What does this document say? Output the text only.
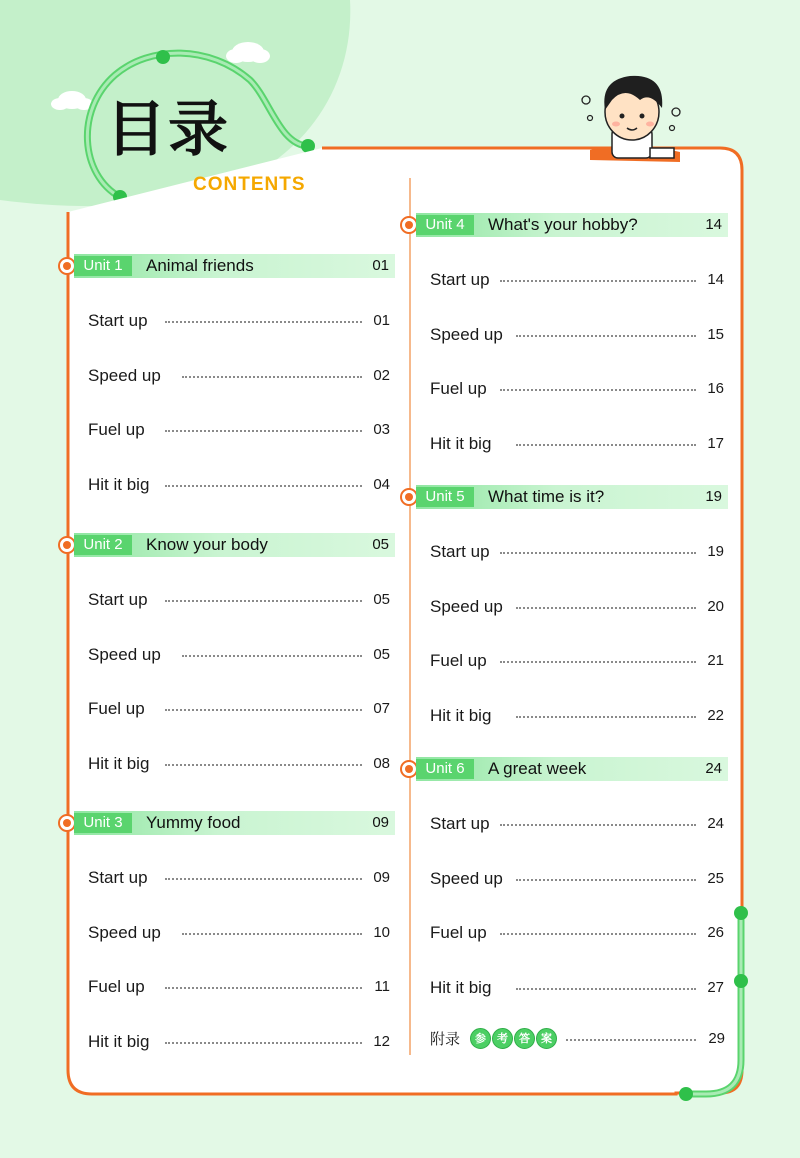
目录
CONTENTS
Unit 1	Animal friends	01
Start up	01
Speed up	02
Fuel up	03
Hit it big	04
Unit 2	Know your body	05
Start up	05
Speed up	05
Fuel up	07
Hit it big	08
Unit 3	Yummy food	09
Start up	09
Speed up	10
Fuel up	11
Hit it big	12
Unit 4	What's your hobby?	14
Start up	14
Speed up	15
Fuel up	16
Hit it big	17
Unit 5	What time is it?	19
Start up	19
Speed up	20
Fuel up	21
Hit it big	22
Unit 6	A great week	24
Start up	24
Speed up	25
Fuel up	26
Hit it big	27
附录	参	考	答	案	29
